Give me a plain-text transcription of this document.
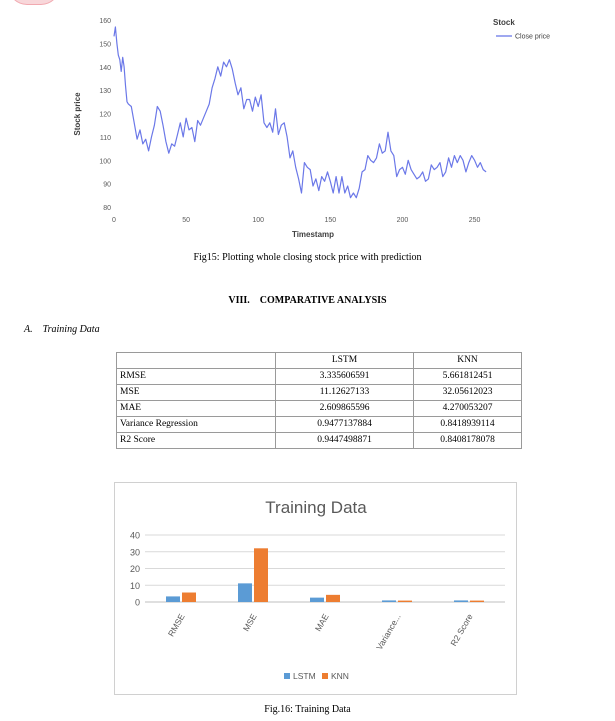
80
90
100
110
120
130
140
150
160
0	50	100	150	200	250
Timestamp
Stock price
Stock
Close price
Fig15: Plotting whole closing stock price with prediction
VIII. COMPARATIVE ANALYSIS
A. Training Data
	LSTM	KNN
RMSE	3.335606591	5.661812451
MSE	11.12627133	32.05612023
MAE	2.609865596	4.270053207
Variance Regression	0.9477137884	0.8418939114
R2 Score	0.9447498871	0.8408178078
Training Data
0
10
20
30
40
RMSE	MSE	MAE	Variance...	R2 Score
LSTM KNN
Fig.16: Training Data
